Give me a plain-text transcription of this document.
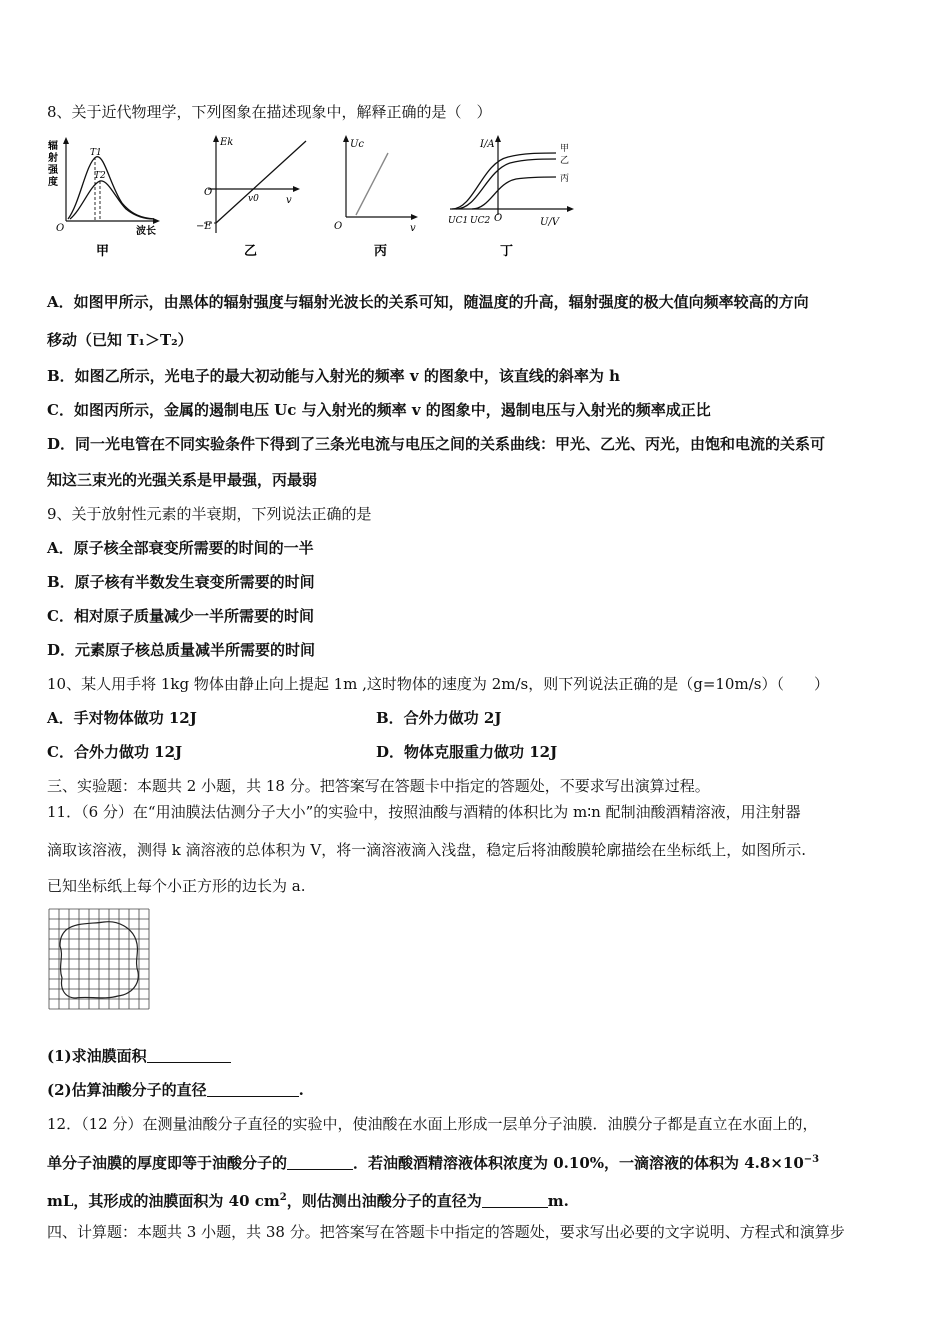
8、关于近代物理学，下列图象在描述现象中，解释正确的是（　）
辐
射
强
度
T1
T2
O	波长
甲
Ek
O
−E
v0	v
乙
Uc
O	v
丙
I/A	甲
乙
丙
UC1 UC2 O	U/V
丁
A．如图甲所示，由黑体的辐射强度与辐射光波长的关系可知，随温度的升高，辐射强度的极大值向频率较高的方向
移动（已知 T₁＞T₂）
B．如图乙所示，光电子的最大初动能与入射光的频率 v 的图象中，该直线的斜率为 h
C．如图丙所示，金属的遏制电压 Uc 与入射光的频率 v 的图象中，遏制电压与入射光的频率成正比
D．同一光电管在不同实验条件下得到了三条光电流与电压之间的关系曲线：甲光、乙光、丙光，由饱和电流的关系可
知这三束光的光强关系是甲最强，丙最弱
9、关于放射性元素的半衰期，下列说法正确的是
A．原子核全部衰变所需要的时间的一半
B．原子核有半数发生衰变所需要的时间
C．相对原子质量减少一半所需要的时间
D．元素原子核总质量减半所需要的时间
10、某人用手将 1kg 物体由静止向上提起 1m ,这时物体的速度为 2m/s，则下列说法正确的是（g=10m/s）（　　）
A．手对物体做功 12J	B．合外力做功 2J
C．合外力做功 12J	D．物体克服重力做功 12J
三、实验题：本题共 2 小题，共 18 分。把答案写在答题卡中指定的答题处，不要求写出演算过程。
11．（6 分）在“用油膜法估测分子大小”的实验中，按照油酸与酒精的体积比为 m∶n 配制油酸酒精溶液，用注射器
滴取该溶液，测得 k 滴溶液的总体积为 V，将一滴溶液滴入浅盘，稳定后将油酸膜轮廓描绘在坐标纸上，如图所示.
已知坐标纸上每个小正方形的边长为 a.
(1)求油膜面积
(2)估算油酸分子的直径	.
12．（12 分）在测量油酸分子直径的实验中，使油酸在水面上形成一层单分子油膜．油膜分子都是直立在水面上的，
单分子油膜的厚度即等于油酸分子的	．若油酸酒精溶液体积浓度为 0.10%，一滴溶液的体积为 $4.8\times 10^{-3}$
mL，其形成的油膜面积为 40 $cm^2$，则估测出油酸分子的直径为	m.
四、计算题：本题共 3 小题，共 38 分。把答案写在答题卡中指定的答题处，要求写出必要的文字说明、方程式和演算步
